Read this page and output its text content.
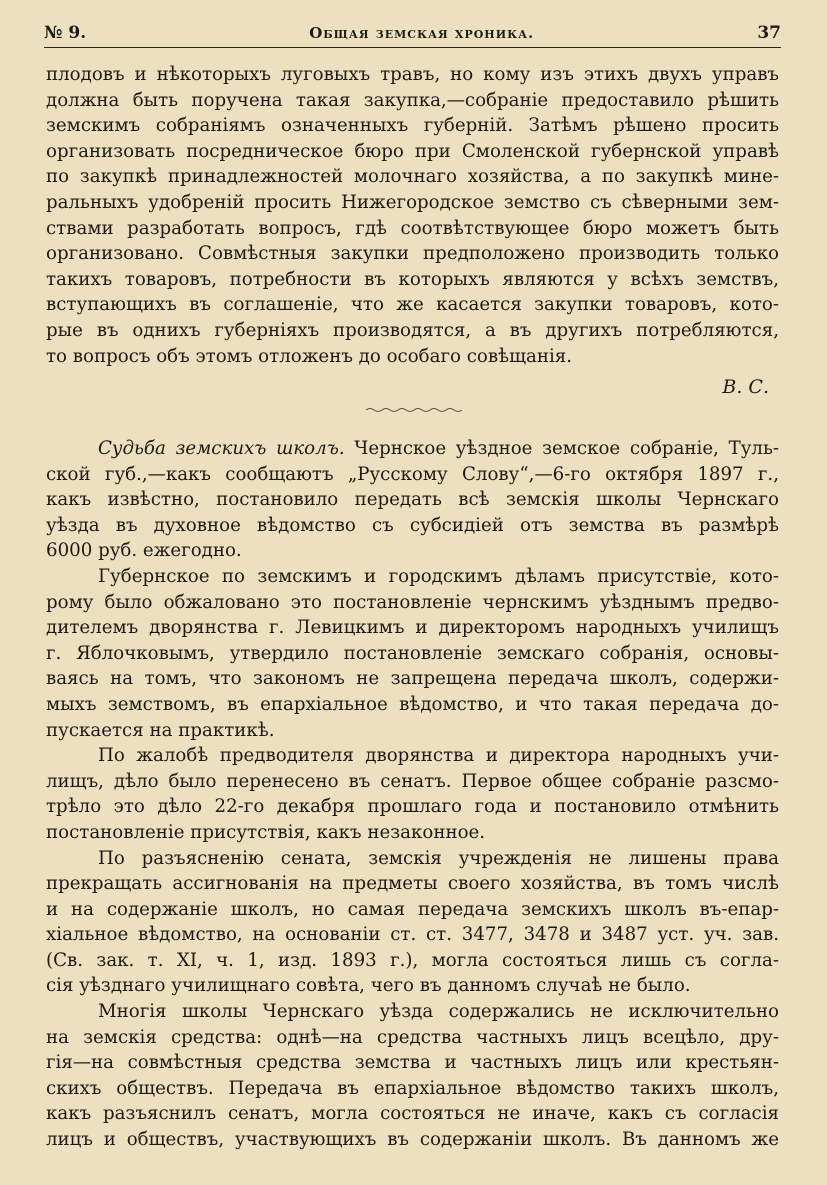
№ 9.	Общая земская хроника.	37

плодовъ и нѣкоторыхъ луговыхъ травъ, но кому изъ этихъ двухъ управъ

должна быть поручена такая закупка,—собраніе предоставило рѣшить

земскимъ собраніямъ означенныхъ губерній. Затѣмъ рѣшено просить

организовать посредническое бюро при Смоленской губернской управѣ

по закупкѣ принадлежностей молочнаго хозяйства, а по закупкѣ мине-

ральныхъ удобреній просить Нижегородское земство съ сѣверными зем-

ствами разработать вопросъ, гдѣ соотвѣтствующее бюро можетъ быть

организовано. Совмѣстныя закупки предположено производить только

такихъ товаровъ, потребности въ которыхъ являются у всѣхъ земствъ,

вступающихъ въ соглашеніе, что же касается закупки товаровъ, кото-

рые въ однихъ губерніяхъ производятся, а въ другихъ потребляются,

то вопросъ объ этомъ отложенъ до особаго совѣщанія.

В. С.

Судьба земскихъ школъ. Чернское уѣздное земское собраніе, Туль-

ской губ.,—какъ сообщаютъ „Русскому Слову“,—6-го октября 1897 г.,

какъ извѣстно, постановило передать всѣ земскія школы Чернскаго

уѣзда въ духовное вѣдомство съ субсидіей отъ земства въ размѣрѣ

6000 руб. ежегодно.

Губернское по земскимъ и городскимъ дѣламъ присутствіе, кото-

рому было обжаловано это постановленіе чернскимъ уѣзднымъ предво-

дителемъ дворянства г. Левицкимъ и директоромъ народныхъ училищъ

г. Яблочковымъ, утвердило постановленіе земскаго собранія, основы-

ваясь на томъ, что закономъ не запрещена передача школъ, содержи-

мыхъ земствомъ, въ епархіальное вѣдомство, и что такая передача до-

пускается на практикѣ.

По жалобѣ предводителя дворянства и директора народныхъ учи-

лищъ, дѣло было перенесено въ сенатъ. Первое общее собраніе разсмо-

трѣло это дѣло 22-го декабря прошлаго года и постановило отмѣнить

постановленіе присутствія, какъ незаконное.

По разъясненію сената, земскія учрежденія не лишены права

прекращать ассигнованія на предметы своего хозяйства, въ томъ числѣ

и на содержаніе школъ, но самая передача земскихъ школъ въ-епар-

хіальное вѣдомство, на основаніи ст. ст. 3477, 3478 и 3487 уст. уч. зав.

(Св. зак. т. XI, ч. 1, изд. 1893 г.), могла состояться лишь съ согла-

сія уѣзднаго училищнаго совѣта, чего въ данномъ случаѣ не было.

Многія школы Чернскаго уѣзда содержались не исключительно

на земскія средства: однѣ—на средства частныхъ лицъ всецѣло, дру-

гія—на совмѣстныя средства земства и частныхъ лицъ или крестьян-

скихъ обществъ. Передача въ епархіальное вѣдомство такихъ школъ,

какъ разъяснилъ сенатъ, могла состояться не иначе, какъ съ согласія

лицъ и обществъ, участвующихъ въ содержаніи школъ. Въ данномъ же
